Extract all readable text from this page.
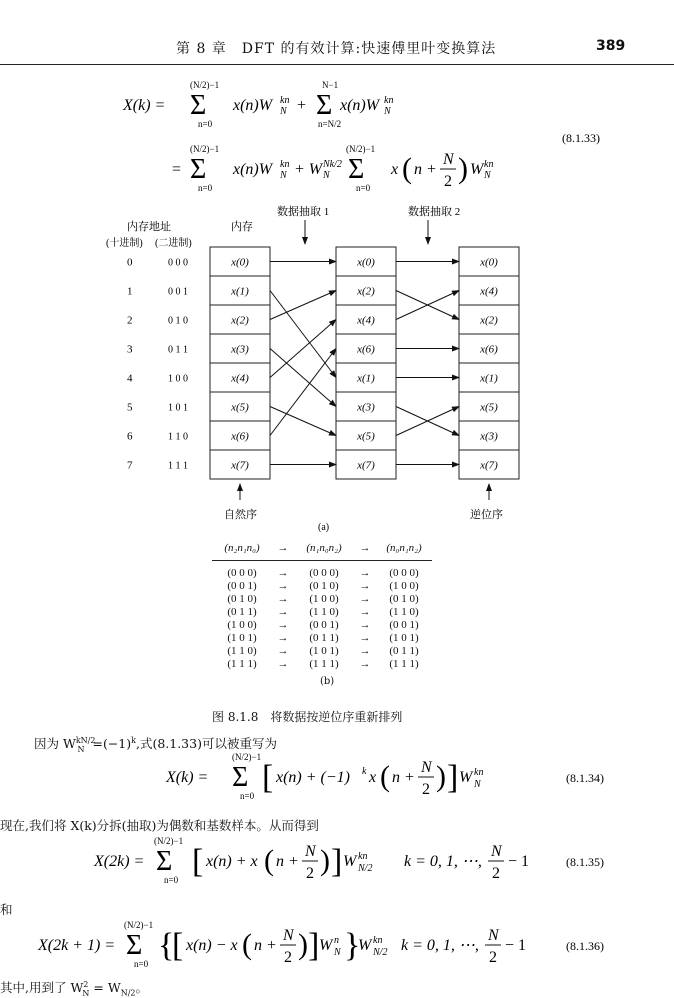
第 8 章　DFT 的有效计算:快速傅里叶变换算法	389
X(k) =
(N/2)−1
Σ
n=0
x(n)W kn
N +
N−1
Σ
n=N/2
x(n)W kn
N
=
(N/2)−1
Σ
n=0
x(n)W kn
N + W Nk/2
N
(N/2)−1
Σ
n=0
x ( n +
N
2 ) W kn
N
(8.1.33)
内存地址
(十进制) (二进制)
内存
数据抽取 1	数据抽取 2
自然序	逆位序
(a)
0	0 0 0	x(0)	x(0)	x(0)
1	0 0 1	x(1)	x(2)	x(4)
2	0 1 0	x(2)	x(4)	x(2)
3	0 1 1	x(3)	x(6)	x(6)
4	1 0 0	x(4)	x(1)	x(1)
5	1 0 1	x(5)	x(3)	x(5)
6	1 1 0	x(6)	x(5)	x(3)
7	1 1 1	x(7)	x(7)	x(7)
(n₂n₁n₀)	→	(n₁n₀n₂)	→	(n₀n₁n₂)
(0 0 0)	→	(0 0 0)	→	(0 0 0)
(0 0 1)	→	(0 1 0)	→	(1 0 0)
(0 1 0)	→	(1 0 0)	→	(0 1 0)
(0 1 1)	→	(1 1 0)	→	(1 1 0)
(1 0 0)	→	(0 0 1)	→	(0 0 1)
(1 0 1)	→	(0 1 1)	→	(1 0 1)
(1 1 0)	→	(1 0 1)	→	(0 1 1)
(1 1 1)	→	(1 1 1)	→	(1 1 1)
(b)
图 8.1.8　将数据按逆位序重新排列
因为 $W^{kN/2}_N =(-1)^k$,式(8.1.33)可以被重写为
X(k) =
(N/2)−1
Σ
n=0 [ x(n) + (−1) k x ( n +
N
2 ) ] W kn
N	(8.1.34)
现在,我们将 X(k)分拆(抽取)为偶数和基数样本。从而得到
X(2k) =
(N/2)−1
Σ
n=0 [ x(n) + x ( n +
N
2 ) ] W kn
N/2 k = 0, 1, ⋯,
N
2
− 1	(8.1.35)
和
X(2k + 1) =
(N/2)−1
Σ
n=0 {
[ x(n) − x ( n +
N
2 ) ] W n
N }
W kn
N/2 k = 0, 1, ⋯,
N
2
− 1	(8.1.36)
其中,用到了 $W^2_N = W_{N/2}$。
